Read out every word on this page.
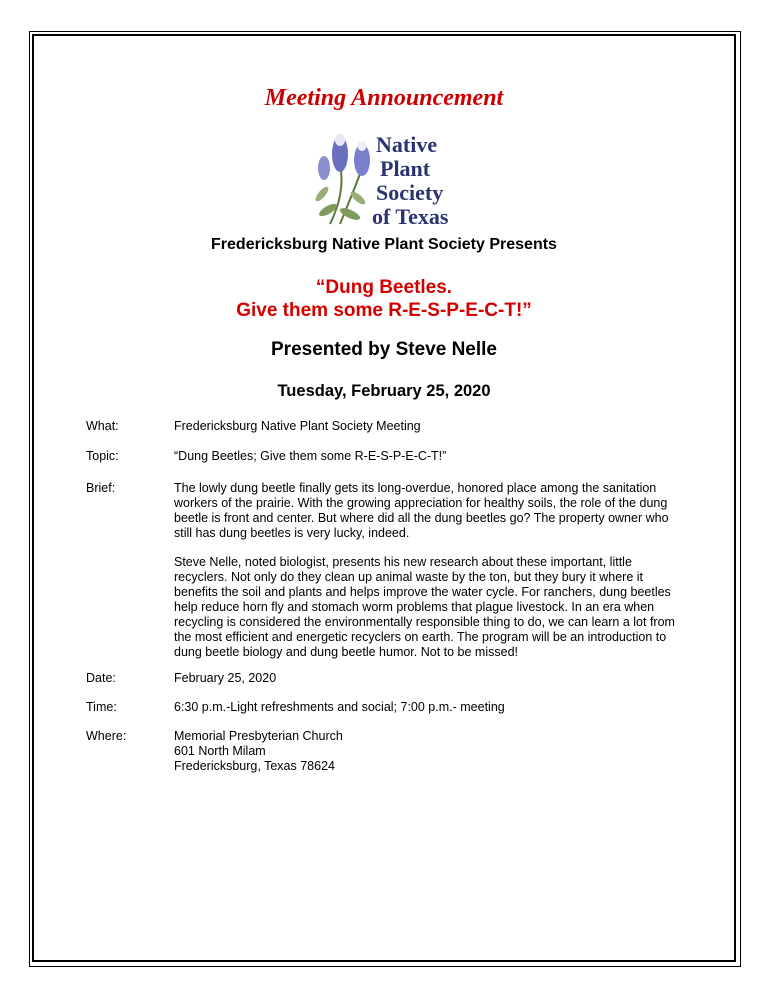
Meeting Announcement
Native
Plant
Society
of Texas
Fredericksburg Native Plant Society Presents
“Dung Beetles.
Give them some R-E-S-P-E-C-T!”
Presented by Steve Nelle
Tuesday, February 25, 2020
What:	Fredericksburg Native Plant Society Meeting
Topic:	“Dung Beetles; Give them some R-E-S-P-E-C-T!”
Brief:	The lowly dung beetle finally gets its long-overdue, honored place among the sanitation workers of the prairie. With the growing appreciation for healthy soils, the role of the dung beetle is front and center. But where did all the dung beetles go? The property owner who still has dung beetles is very lucky, indeed.
Steve Nelle, noted biologist, presents his new research about these important, little recyclers. Not only do they clean up animal waste by the ton, but they bury it where it benefits the soil and plants and helps improve the water cycle. For ranchers, dung beetles help reduce horn fly and stomach worm problems that plague livestock. In an era when recycling is considered the environmentally responsible thing to do, we can learn a lot from the most efficient and energetic recyclers on earth. The program will be an introduction to dung beetle biology and dung beetle humor. Not to be missed!
Date:	February 25, 2020
Time:	6:30 p.m.-Light refreshments and social; 7:00 p.m.- meeting
Where:	Memorial Presbyterian Church
601 North Milam
Fredericksburg, Texas 78624
